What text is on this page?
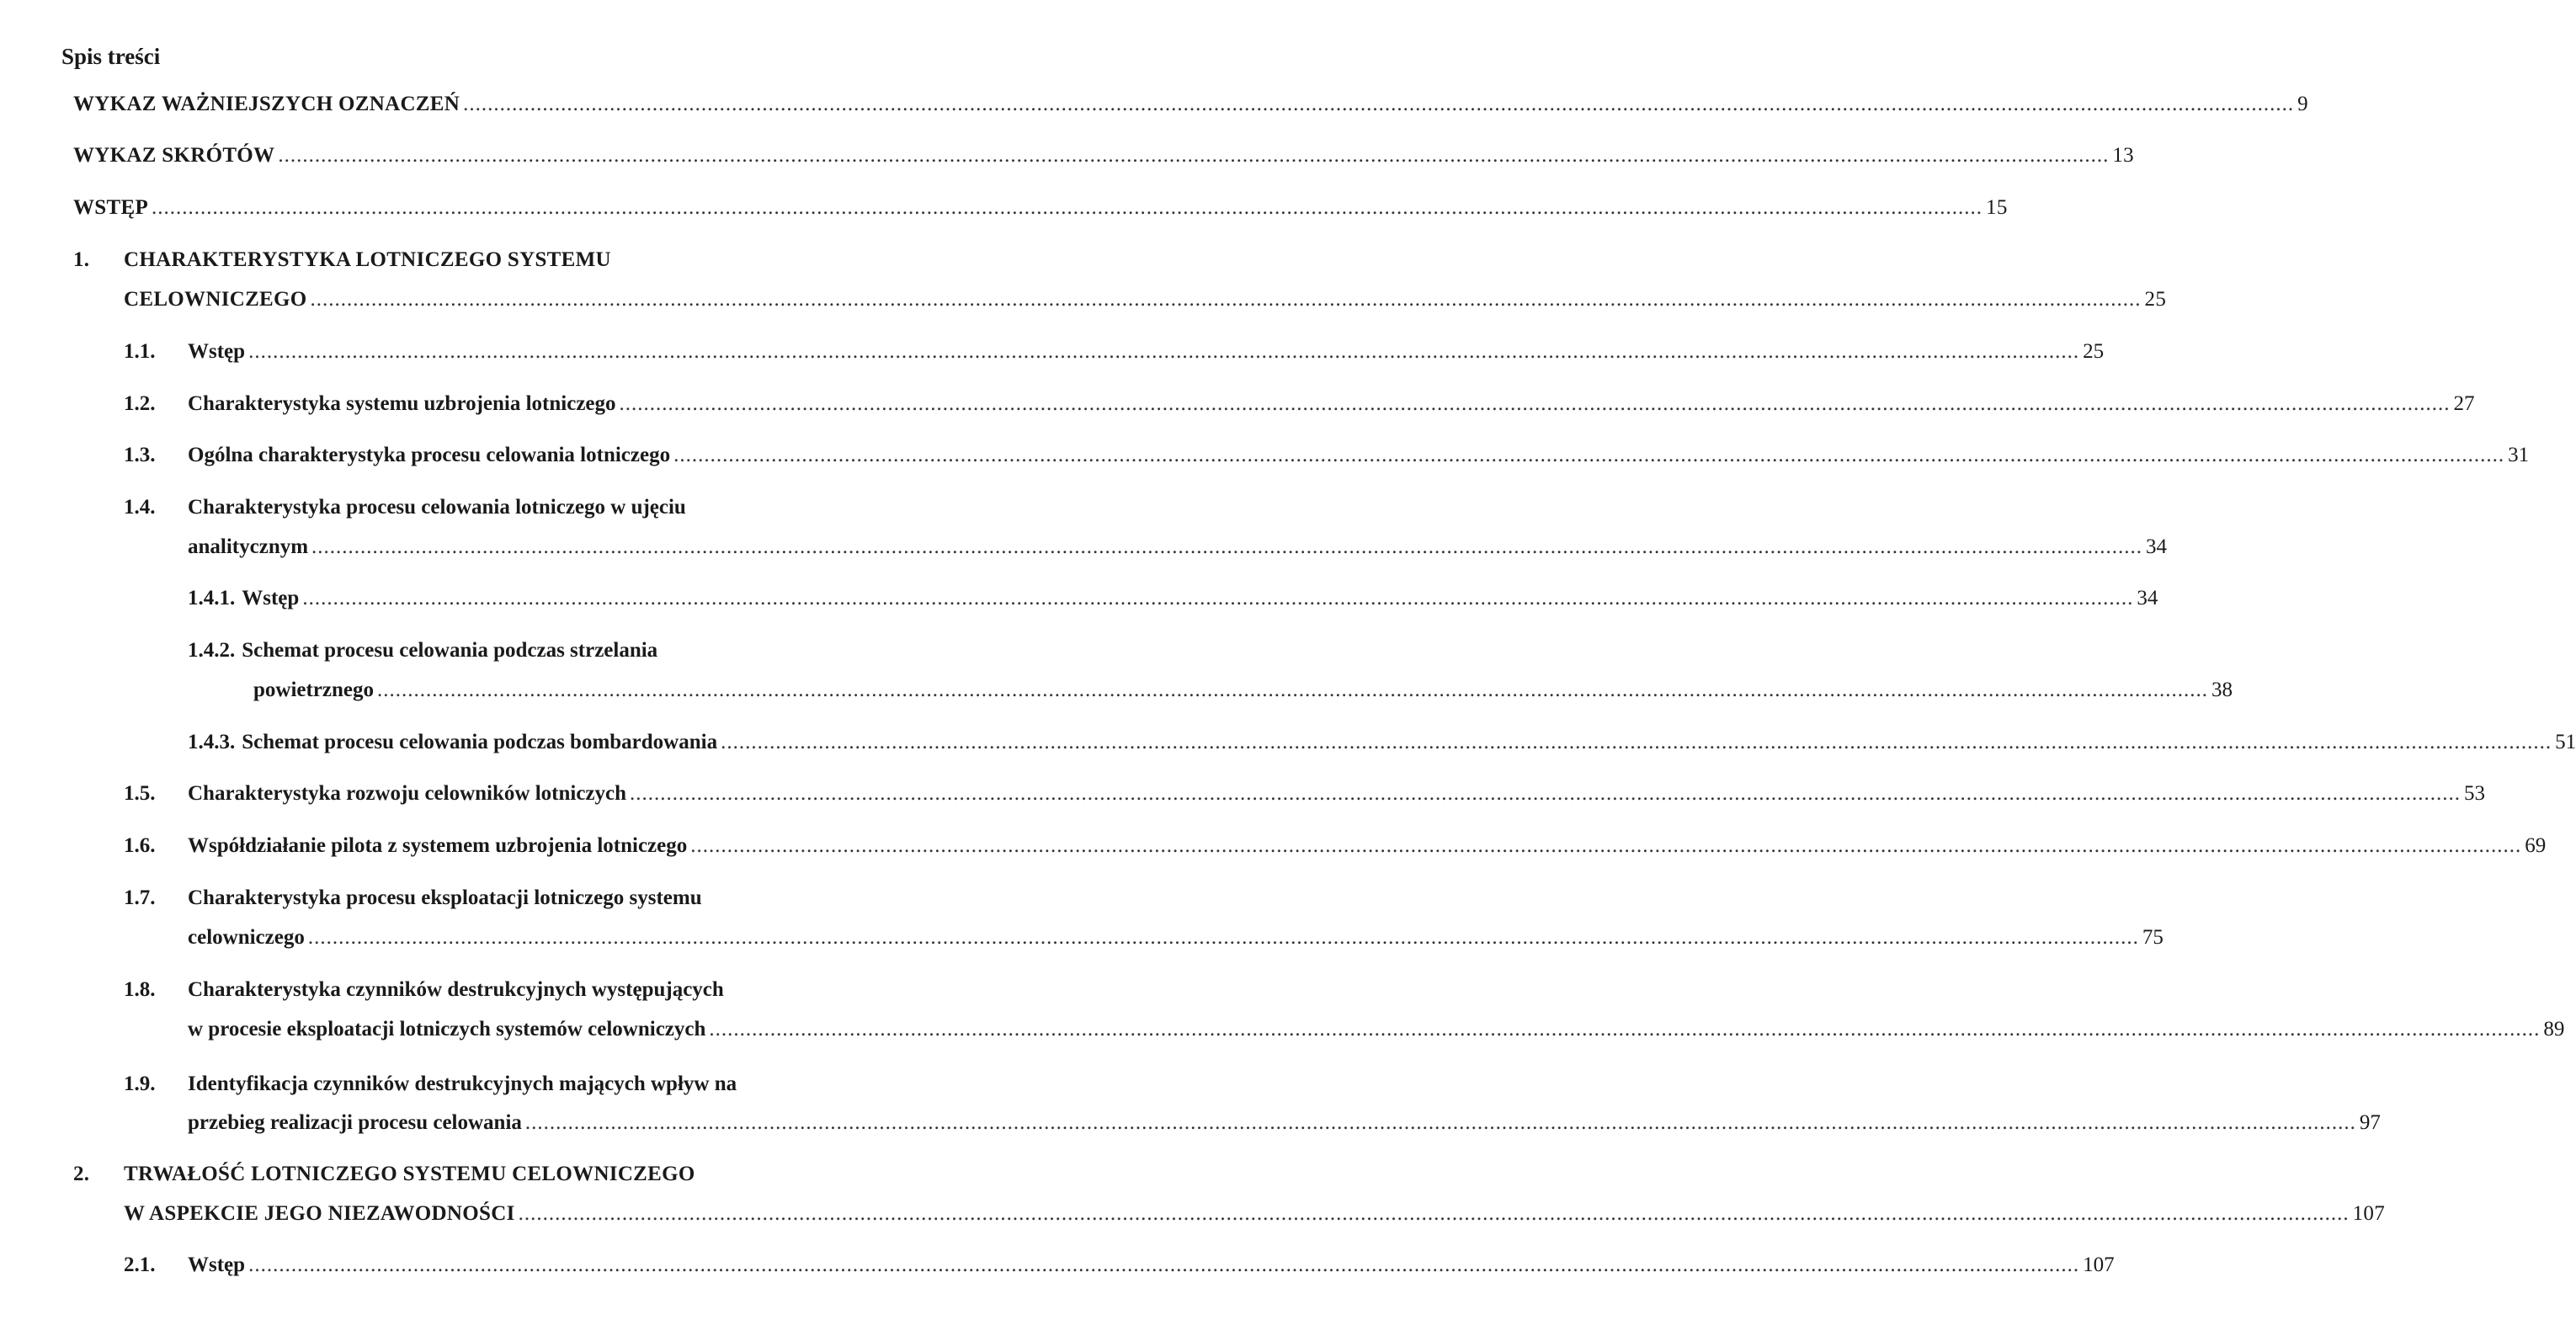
Spis treści
WYKAZ WAŻNIEJSZYCH OZNACZEŃ ............................................................................................................................................................................................................................................................................................................ 9
WYKAZ SKRÓTÓW ............................................................................................................................................................................................................................................................................................................ 13
WSTĘP ............................................................................................................................................................................................................................................................................................................ 15
1. CHARAKTERYSTYKA LOTNICZEGO SYSTEMU
CELOWNICZEGO ............................................................................................................................................................................................................................................................................................................ 25
1.1. Wstęp ............................................................................................................................................................................................................................................................................................................ 25
1.2. Charakterystyka systemu uzbrojenia lotniczego ............................................................................................................................................................................................................................................................................................................ 27
1.3. Ogólna charakterystyka procesu celowania lotniczego ............................................................................................................................................................................................................................................................................................................ 31
1.4. Charakterystyka procesu celowania lotniczego w ujęciu
analitycznym ............................................................................................................................................................................................................................................................................................................ 34
1.4.1. Wstęp ............................................................................................................................................................................................................................................................................................................ 34
1.4.2. Schemat procesu celowania podczas strzelania
powietrznego ............................................................................................................................................................................................................................................................................................................ 38
1.4.3. Schemat procesu celowania podczas bombardowania ............................................................................................................................................................................................................................................................................................................ 51
1.5. Charakterystyka rozwoju celowników lotniczych ............................................................................................................................................................................................................................................................................................................ 53
1.6. Współdziałanie pilota z systemem uzbrojenia lotniczego ............................................................................................................................................................................................................................................................................................................ 69
1.7. Charakterystyka procesu eksploatacji lotniczego systemu
celowniczego ............................................................................................................................................................................................................................................................................................................ 75
1.8. Charakterystyka czynników destrukcyjnych występujących
w procesie eksploatacji lotniczych systemów celowniczych ............................................................................................................................................................................................................................................................................................................ 89
1.9. Identyfikacja czynników destrukcyjnych mających wpływ na
przebieg realizacji procesu celowania ............................................................................................................................................................................................................................................................................................................ 97
2. TRWAŁOŚĆ LOTNICZEGO SYSTEMU CELOWNICZEGO
W ASPEKCIE JEGO NIEZAWODNOŚCI ............................................................................................................................................................................................................................................................................................................ 107
2.1. Wstęp ............................................................................................................................................................................................................................................................................................................ 107
